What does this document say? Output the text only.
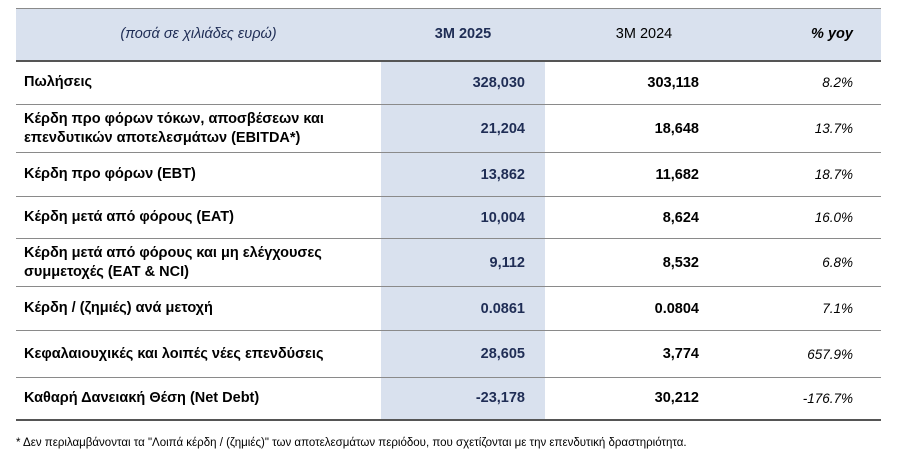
(ποσά σε χιλιάδες ευρώ)	3M 2025	3M 2024	% yoy
Πωλήσεις	328,030	303,118	8.2%
Κέρδη προ φόρων τόκων, αποσβέσεων και επενδυτικών αποτελεσμάτων (EBITDA*)	21,204	18,648	13.7%
Κέρδη προ φόρων (EBT)	13,862	11,682	18.7%
Κέρδη μετά από φόρους (EAT)	10,004	8,624	16.0%
Κέρδη μετά από φόρους και μη ελέγχουσες συμμετοχές (EAT & NCI)	9,112	8,532	6.8%
Κέρδη / (ζημιές) ανά μετοχή	0.0861	0.0804	7.1%
Κεφαλαιουχικές και λοιπές νέες επενδύσεις	28,605	3,774	657.9%
Καθαρή Δανειακή Θέση (Net Debt)	-23,178	30,212	-176.7%
* Δεν περιλαμβάνονται τα "Λοιπά κέρδη / (ζημιές)" των αποτελεσμάτων περιόδου, που σχετίζονται με την επενδυτική δραστηριότητα.
